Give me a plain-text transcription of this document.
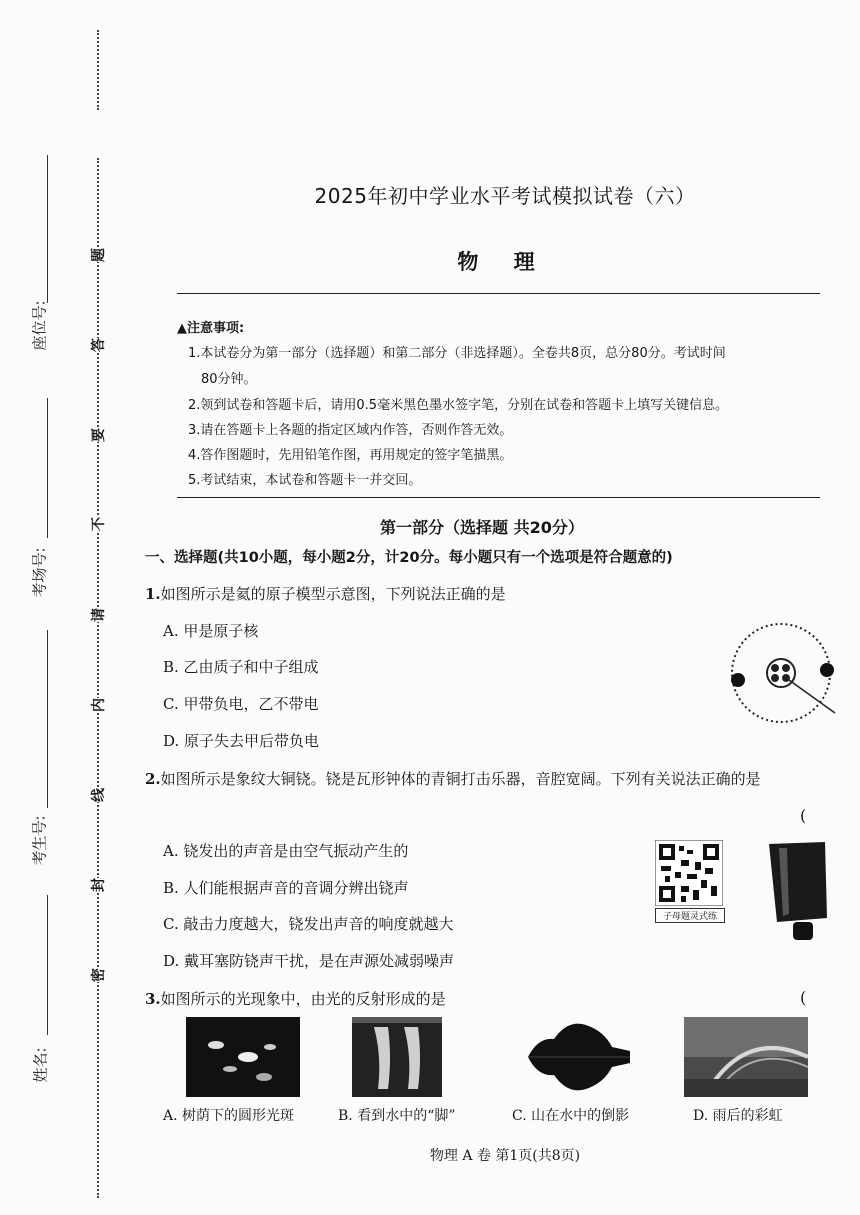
题
答
要
不
请
内
线
封
密
座位号:
考场号:
考生号:
姓名:
2025年初中学业水平考试模拟试卷（六）
物 理
▲注意事项:
1.本试卷分为第一部分（选择题）和第二部分（非选择题）。全卷共8页，总分80分。考试时间
80分钟。
2.领到试卷和答题卡后，请用0.5毫米黑色墨水签字笔，分别在试卷和答题卡上填写关键信息。
3.请在答题卡上各题的指定区域内作答，否则作答无效。
4.答作图题时，先用铅笔作图，再用规定的签字笔描黑。
5.考试结束，本试卷和答题卡一并交回。
第一部分（选择题 共20分）
一、选择题(共10小题，每小题2分，计20分。每小题只有一个选项是符合题意的)
1.如图所示是氦的原子模型示意图，下列说法正确的是
A. 甲是原子核
B. 乙由质子和中子组成
C. 甲带负电，乙不带电
D. 原子失去甲后带负电
2.如图所示是象纹大铜铙。铙是瓦形钟体的青铜打击乐器，音腔宽阔。下列有关说法正确的是
(
A. 铙发出的声音是由空气振动产生的
B. 人们能根据声音的音调分辨出铙声
C. 敲击力度越大，铙发出声音的响度就越大
D. 戴耳塞防铙声干扰，是在声源处减弱噪声
子母题灵式练
3.如图所示的光现象中，由光的反射形成的是	(
A. 树荫下的圆形光斑	B. 看到水中的“脚”	C. 山在水中的倒影	D. 雨后的彩虹
物理 A 卷 第1页(共8页)
